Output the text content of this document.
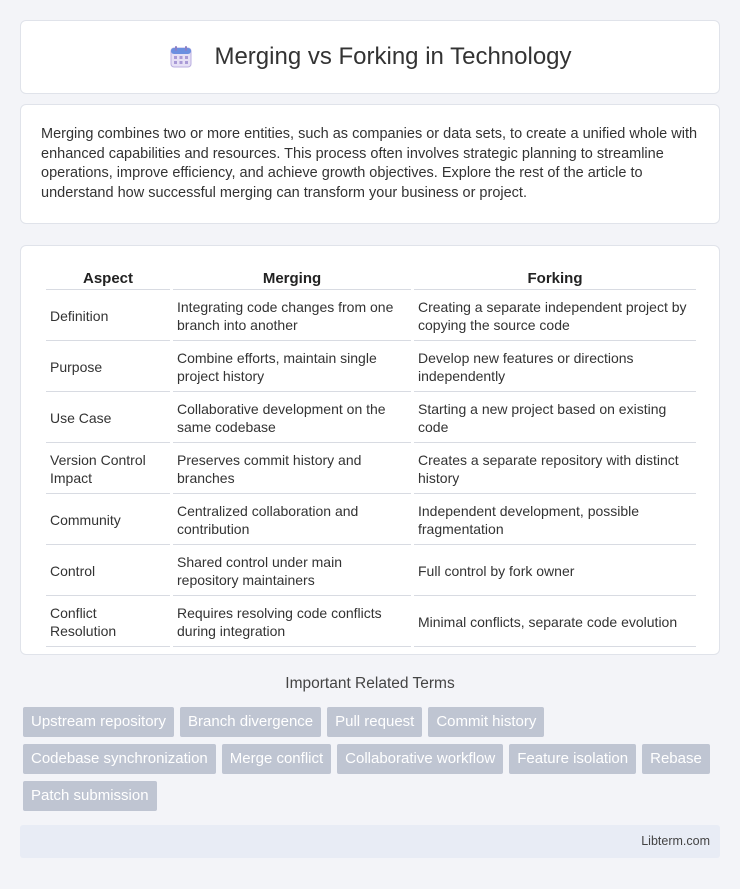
Merging vs Forking in Technology

Merging combines two or more entities, such as companies or data sets, to create a unified whole with enhanced capabilities and resources. This process often involves strategic planning to streamline operations, improve efficiency, and achieve growth objectives. Explore the rest of the article to understand how successful merging can transform your business or project.

Aspect	Merging	Forking
Definition	Integrating code changes from one branch into another	Creating a separate independent project by copying the source code
Purpose	Combine efforts, maintain single project history	Develop new features or directions independently
Use Case	Collaborative development on the same codebase	Starting a new project based on existing code
Version Control Impact	Preserves commit history and branches	Creates a separate repository with distinct history
Community	Centralized collaboration and contribution	Independent development, possible fragmentation
Control	Shared control under main repository maintainers	Full control by fork owner
Conflict Resolution	Requires resolving code conflicts during integration	Minimal conflicts, separate code evolution
Important Related Terms
Upstream repository	Branch divergence	Pull request	Commit history
Codebase synchronization	Merge conflict	Collaborative workflow	Feature isolation	Rebase
Patch submission
Libterm.com
